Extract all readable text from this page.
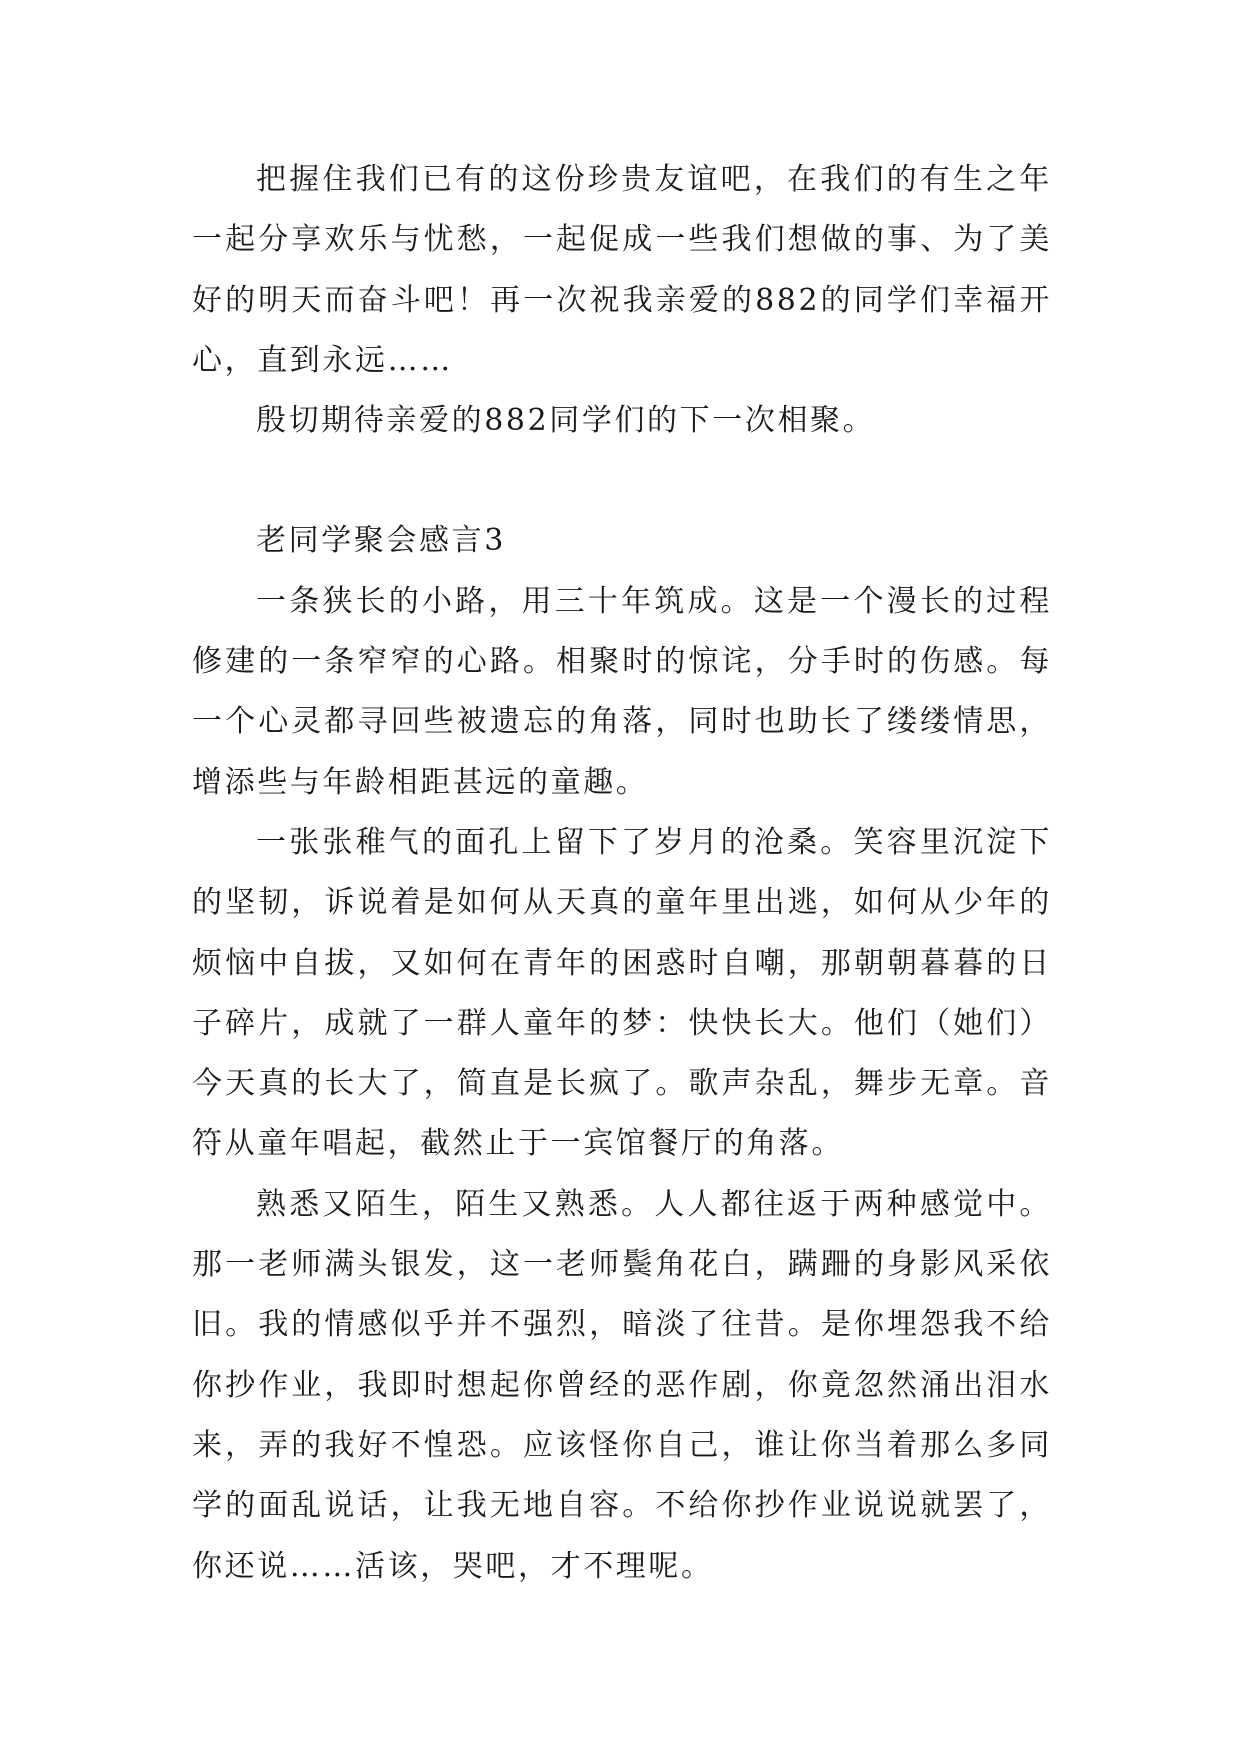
把握住我们已有的这份珍贵友谊吧，在我们的有生之年一起分享欢乐与忧愁，一起促成一些我们想做的事、为了美好的明天而奋斗吧！再一次祝我亲爱的882的同学们幸福开心，直到永远……

殷切期待亲爱的882同学们的下一次相聚。

老同学聚会感言3

一条狭长的小路，用三十年筑成。这是一个漫长的过程修建的一条窄窄的心路。相聚时的惊诧，分手时的伤感。每一个心灵都寻回些被遗忘的角落，同时也助长了缕缕情思，增添些与年龄相距甚远的童趣。

一张张稚气的面孔上留下了岁月的沧桑。笑容里沉淀下的坚韧，诉说着是如何从天真的童年里出逃，如何从少年的烦恼中自拔，又如何在青年的困惑时自嘲，那朝朝暮暮的日子碎片，成就了一群人童年的梦：快快长大。他们（她们）今天真的长大了，简直是长疯了。歌声杂乱，舞步无章。音符从童年唱起，截然止于一宾馆餐厅的角落。

熟悉又陌生，陌生又熟悉。人人都往返于两种感觉中。那一老师满头银发，这一老师鬓角花白，蹒跚的身影风采依旧。我的情感似乎并不强烈，暗淡了往昔。是你埋怨我不给你抄作业，我即时想起你曾经的恶作剧，你竟忽然涌出泪水来，弄的我好不惶恐。应该怪你自己，谁让你当着那么多同学的面乱说话，让我无地自容。不给你抄作业说说就罢了，你还说……活该，哭吧，才不理呢。
